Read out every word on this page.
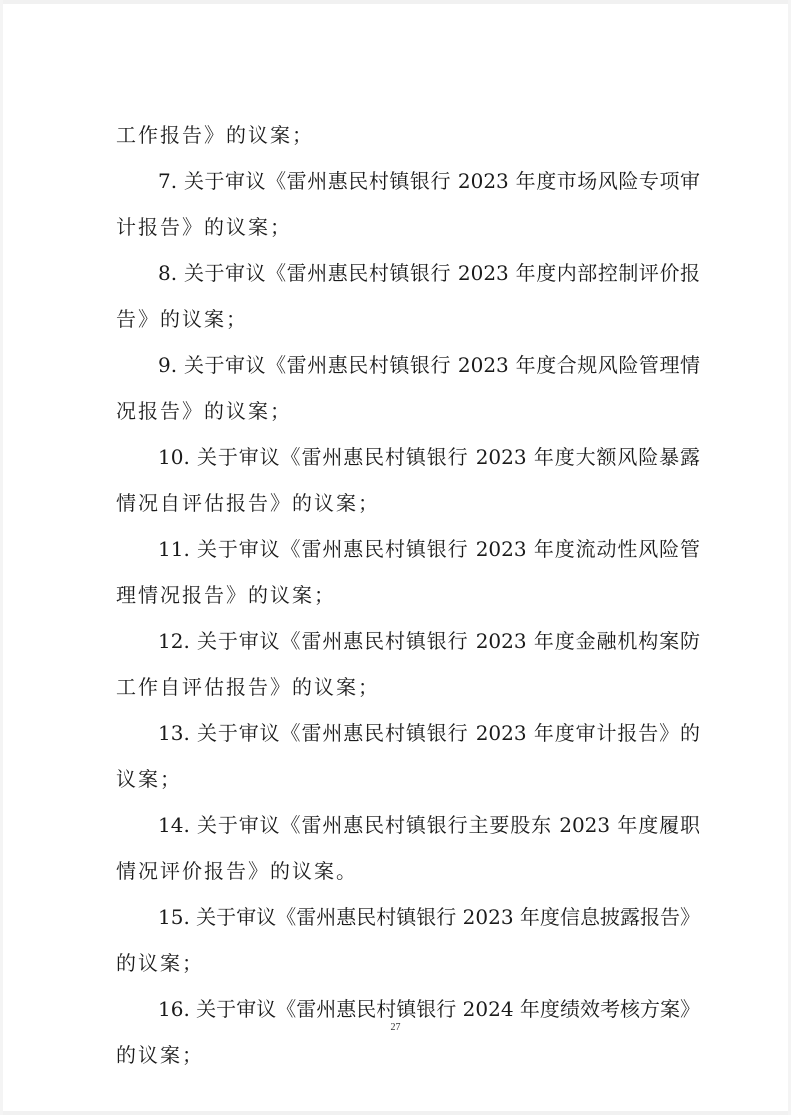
工作报告》的议案；
7. 关于审议《雷州惠民村镇银行 2023 年度市场风险专项审
计报告》的议案；
8. 关于审议《雷州惠民村镇银行 2023 年度内部控制评价报
告》的议案；
9. 关于审议《雷州惠民村镇银行 2023 年度合规风险管理情
况报告》的议案；
10. 关于审议《雷州惠民村镇银行 2023 年度大额风险暴露
情况自评估报告》的议案；
11. 关于审议《雷州惠民村镇银行 2023 年度流动性风险管
理情况报告》的议案；
12. 关于审议《雷州惠民村镇银行 2023 年度金融机构案防
工作自评估报告》的议案；
13. 关于审议《雷州惠民村镇银行 2023 年度审计报告》的
议案；
14. 关于审议《雷州惠民村镇银行主要股东 2023 年度履职
情况评价报告》的议案。
15. 关于审议《雷州惠民村镇银行 2023 年度信息披露报告》
的议案；
16. 关于审议《雷州惠民村镇银行 2024 年度绩效考核方案》
的议案；
27
